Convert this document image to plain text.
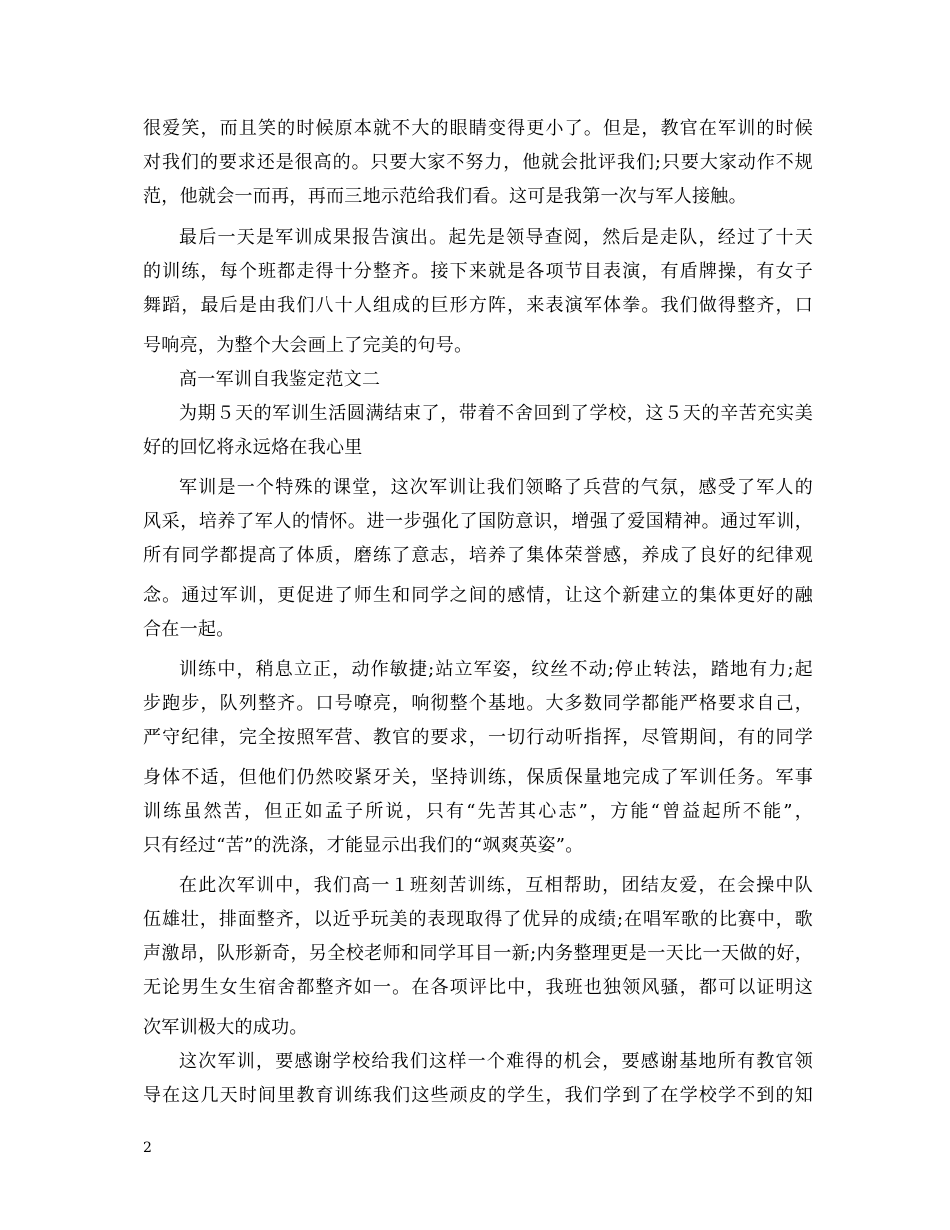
很爱笑，而且笑的时候原本就不大的眼睛变得更小了。但是，教官在军训的时候
对我们的要求还是很高的。只要大家不努力，他就会批评我们;只要大家动作不规
范，他就会一而再，再而三地示范给我们看。这可是我第一次与军人接触。
最后一天是军训成果报告演出。起先是领导查阅，然后是走队，经过了十天
的训练，每个班都走得十分整齐。接下来就是各项节目表演，有盾牌操，有女子
舞蹈，最后是由我们八十人组成的巨形方阵，来表演军体拳。我们做得整齐，口
号响亮，为整个大会画上了完美的句号。
高一军训自我鉴定范文二
为期５天的军训生活圆满结束了，带着不舍回到了学校，这５天的辛苦充实美
好的回忆将永远烙在我心里
军训是一个特殊的课堂，这次军训让我们领略了兵营的气氛，感受了军人的
风采，培养了军人的情怀。进一步强化了国防意识，增强了爱国精神。通过军训，
所有同学都提高了体质，磨练了意志，培养了集体荣誉感，养成了良好的纪律观
念。通过军训，更促进了师生和同学之间的感情，让这个新建立的集体更好的融
合在一起。
训练中，稍息立正，动作敏捷;站立军姿，纹丝不动;停止转法，踏地有力;起
步跑步，队列整齐。口号嘹亮，响彻整个基地。大多数同学都能严格要求自己，
严守纪律，完全按照军营、教官的要求，一切行动听指挥，尽管期间，有的同学
身体不适，但他们仍然咬紧牙关，坚持训练，保质保量地完成了军训任务。军事
训练虽然苦，但正如孟子所说，只有“先苦其心志”，方能“曾益起所不能”，
只有经过“苦”的洗涤，才能显示出我们的“飒爽英姿”。
在此次军训中，我们高一１班刻苦训练，互相帮助，团结友爱，在会操中队
伍雄壮，排面整齐，以近乎玩美的表现取得了优异的成绩;在唱军歌的比赛中，歌
声激昂，队形新奇，另全校老师和同学耳目一新;内务整理更是一天比一天做的好，
无论男生女生宿舍都整齐如一。在各项评比中，我班也独领风骚，都可以证明这
次军训极大的成功。
这次军训，要感谢学校给我们这样一个难得的机会，要感谢基地所有教官领
导在这几天时间里教育训练我们这些顽皮的学生，我们学到了在学校学不到的知
2
